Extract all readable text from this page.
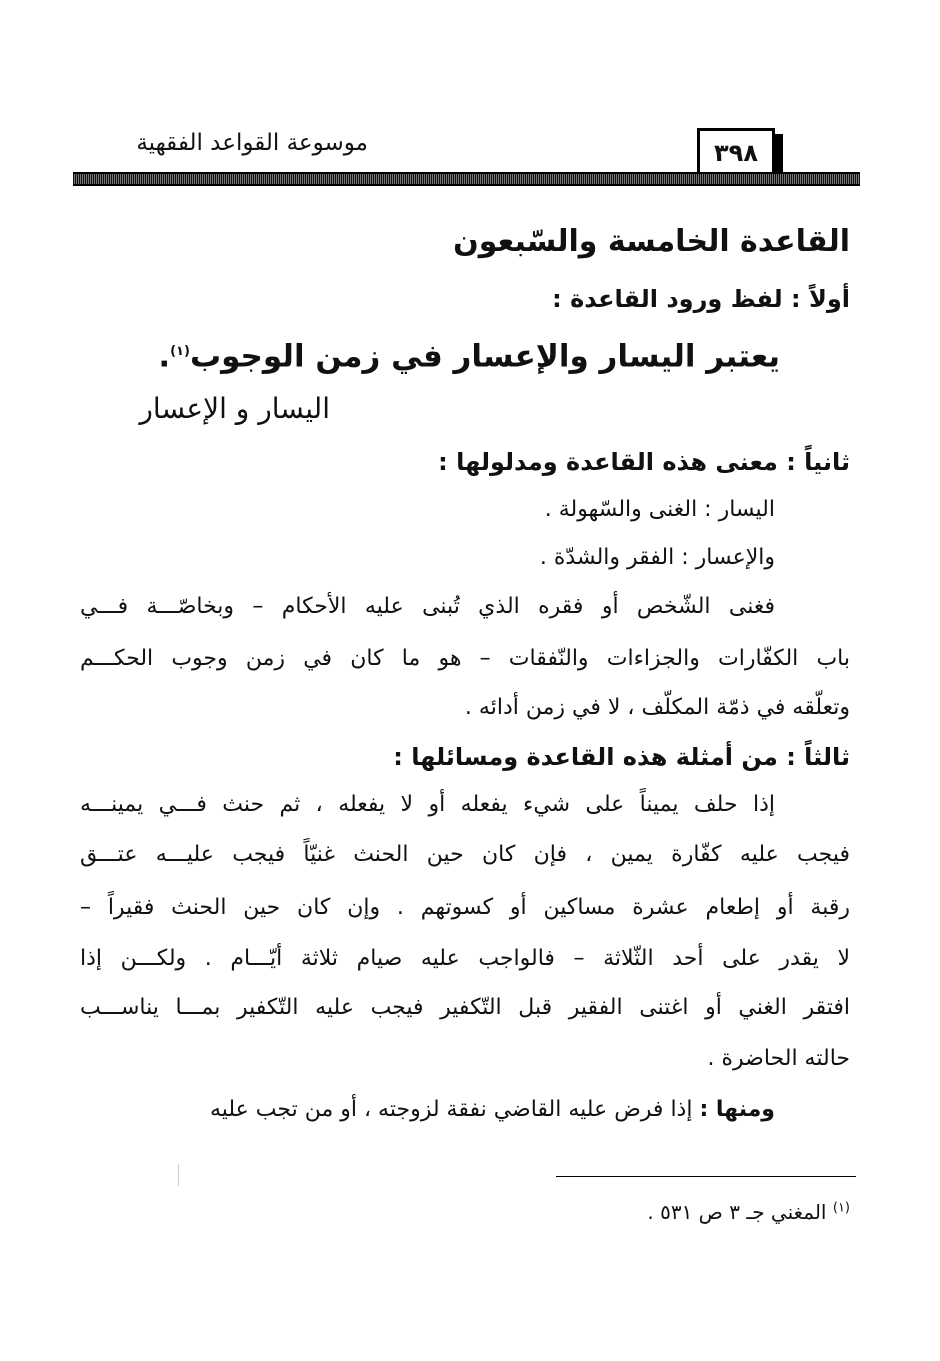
٣٩٨
موسوعة القواعد الفقهية
القاعدة الخامسة والسّبعون
أولاً : لفظ ورود القاعدة :
يعتبر اليسار والإعسار في زمن الوجوب$^{(١)}$.
اليسار و الإعسار
ثانياً : معنى هذه القاعدة ومدلولها :
اليسار : الغنى والسّهولة .
والإعسار : الفقر والشدّة .
فغنى الشّخص أو فقره الذي تُبنى عليه الأحكام – وبخاصّـــة فـــي
باب الكفّارات والجزاءات والنّفقات – هو ما كان في زمن وجوب الحكـــم
وتعلّقه في ذمّة المكلّف ، لا في زمن أدائه .
ثالثاً : من أمثلة هذه القاعدة ومسائلها :
إذا حلف يميناً على شيء يفعله أو لا يفعله ، ثم حنث فـــي يمينـــه
فيجب عليه كفّارة يمين ، فإن كان حين الحنث غنيّاً فيجب عليـــه عتـــق
رقبة أو إطعام عشرة مساكين أو كسوتهم . وإن كان حين الحنث فقيراً –
لا يقدر على أحد الثّلاثة – فالواجب عليه صيام ثلاثة أيّـــام . ولكـــن إذا
افتقر الغني أو اغتنى الفقير قبل التّكفير فيجب عليه التّكفير بمـــا يناســـب
حالته الحاضرة .
ومنها : إذا فرض عليه القاضي نفقة لزوجته ، أو من تجب عليه
$^{(١)}$ المغني جـ ٣ ص ٥٣١ .
